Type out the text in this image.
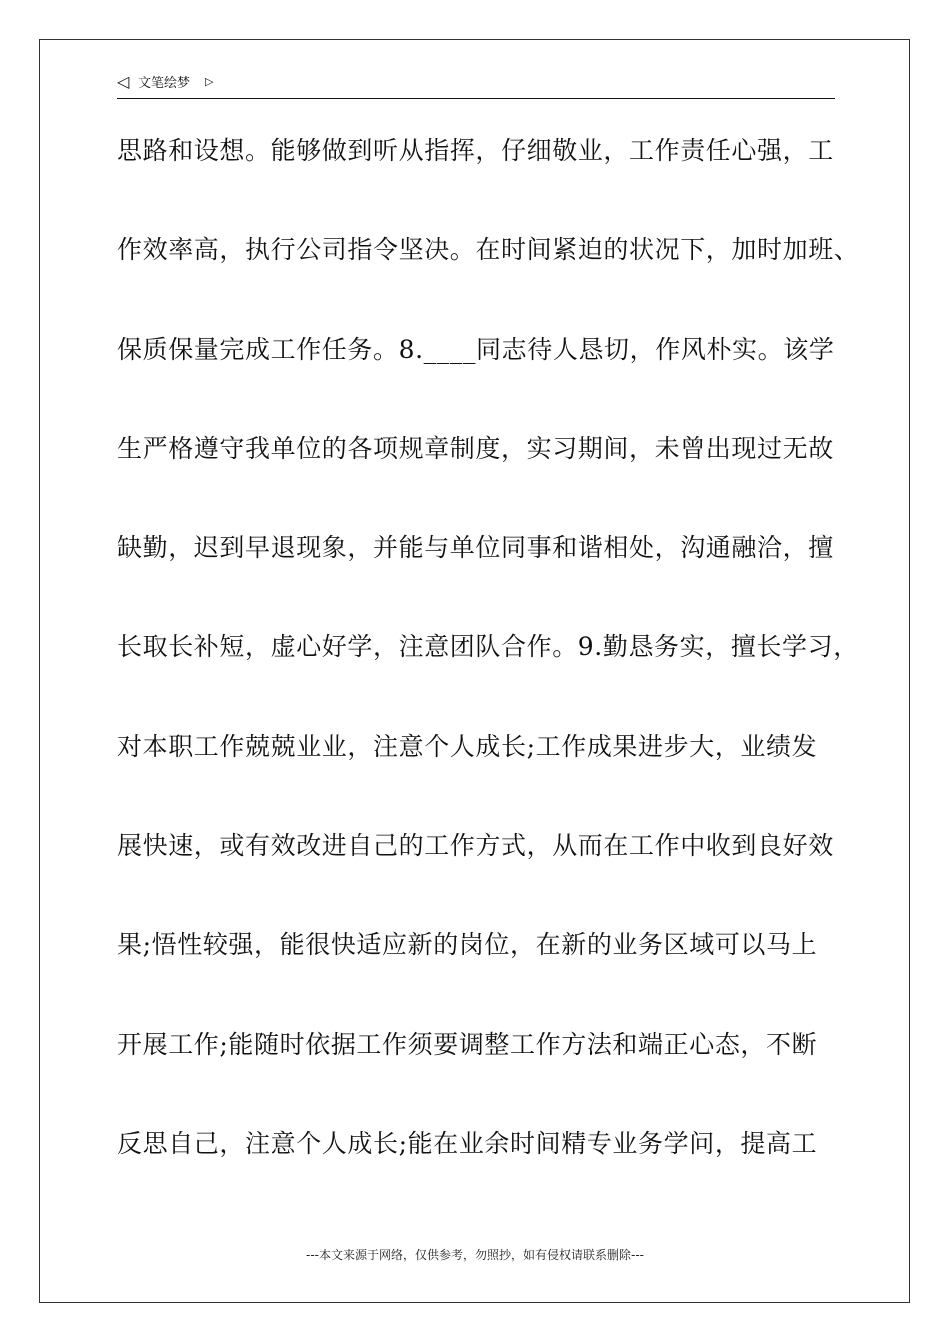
◁ 文笔绘梦 ▷
思路和设想。能够做到听从指挥，仔细敬业，工作责任心强，工
作效率高，执行公司指令坚决。在时间紧迫的状况下，加时加班、
保质保量完成工作任务。8.____同志待人恳切，作风朴实。该学
生严格遵守我单位的各项规章制度，实习期间，未曾出现过无故
缺勤，迟到早退现象，并能与单位同事和谐相处，沟通融洽，擅
长取长补短，虚心好学，注意团队合作。9.勤恳务实，擅长学习，
对本职工作兢兢业业，注意个人成长;工作成果进步大，业绩发
展快速，或有效改进自己的工作方式，从而在工作中收到良好效
果;悟性较强，能很快适应新的岗位，在新的业务区域可以马上
开展工作;能随时依据工作须要调整工作方法和端正心态，不断
反思自己，注意个人成长;能在业余时间精专业务学问，提高工
---本文来源于网络，仅供参考，勿照抄，如有侵权请联系删除---
